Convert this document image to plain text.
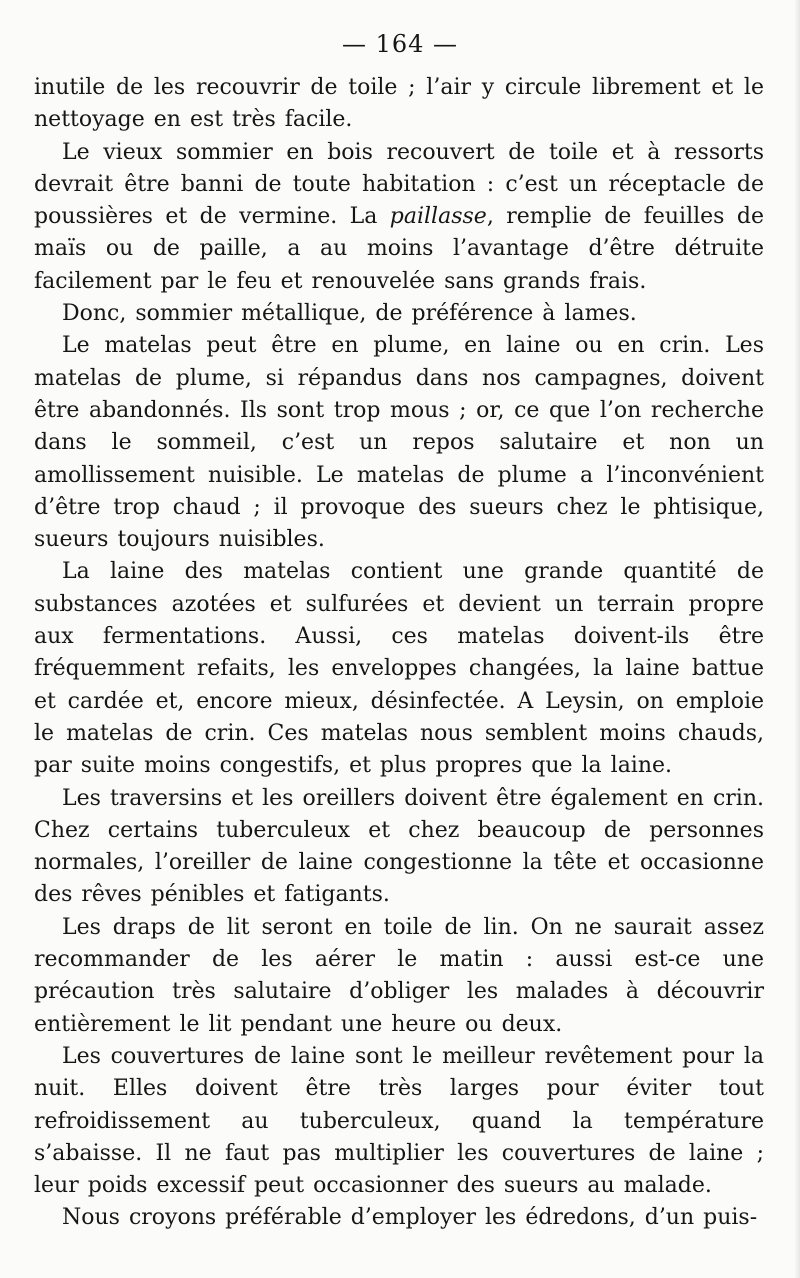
— 164 —

inutile de les recouvrir de toile ; l’air y circule librement et le nettoyage en est très facile.

Le vieux sommier en bois recouvert de toile et à ressorts devrait être banni de toute habitation : c’est un réceptacle de poussières et de vermine. La paillasse, remplie de feuilles de maïs ou de paille, a au moins l’avantage d’être détruite facilement par le feu et renouvelée sans grands frais.

Donc, sommier métallique, de préférence à lames.

Le matelas peut être en plume, en laine ou en crin. Les matelas de plume, si répandus dans nos campagnes, doivent être abandonnés. Ils sont trop mous ; or, ce que l’on recherche dans le sommeil, c’est un repos salutaire et non un amollissement nuisible. Le matelas de plume a l’inconvénient d’être trop chaud ; il provoque des sueurs chez le phtisique, sueurs toujours nuisibles.

La laine des matelas contient une grande quantité de substances azotées et sulfurées et devient un terrain propre aux fermentations. Aussi, ces matelas doivent-ils être fréquemment refaits, les enveloppes changées, la laine battue et cardée et, encore mieux, désinfectée. A Leysin, on emploie le matelas de crin. Ces matelas nous semblent moins chauds, par suite moins congestifs, et plus propres que la laine.

Les traversins et les oreillers doivent être également en crin. Chez certains tuberculeux et chez beaucoup de personnes normales, l’oreiller de laine congestionne la tête et occasionne des rêves pénibles et fatigants.

Les draps de lit seront en toile de lin. On ne saurait assez recommander de les aérer le matin : aussi est-ce une précaution très salutaire d’obliger les malades à découvrir entièrement le lit pendant une heure ou deux.

Les couvertures de laine sont le meilleur revêtement pour la nuit. Elles doivent être très larges pour éviter tout refroidissement au tuberculeux, quand la température s’abaisse. Il ne faut pas multiplier les couvertures de laine ; leur poids excessif peut occasionner des sueurs au malade.

Nous croyons préférable d’employer les édredons, d’un puis-
